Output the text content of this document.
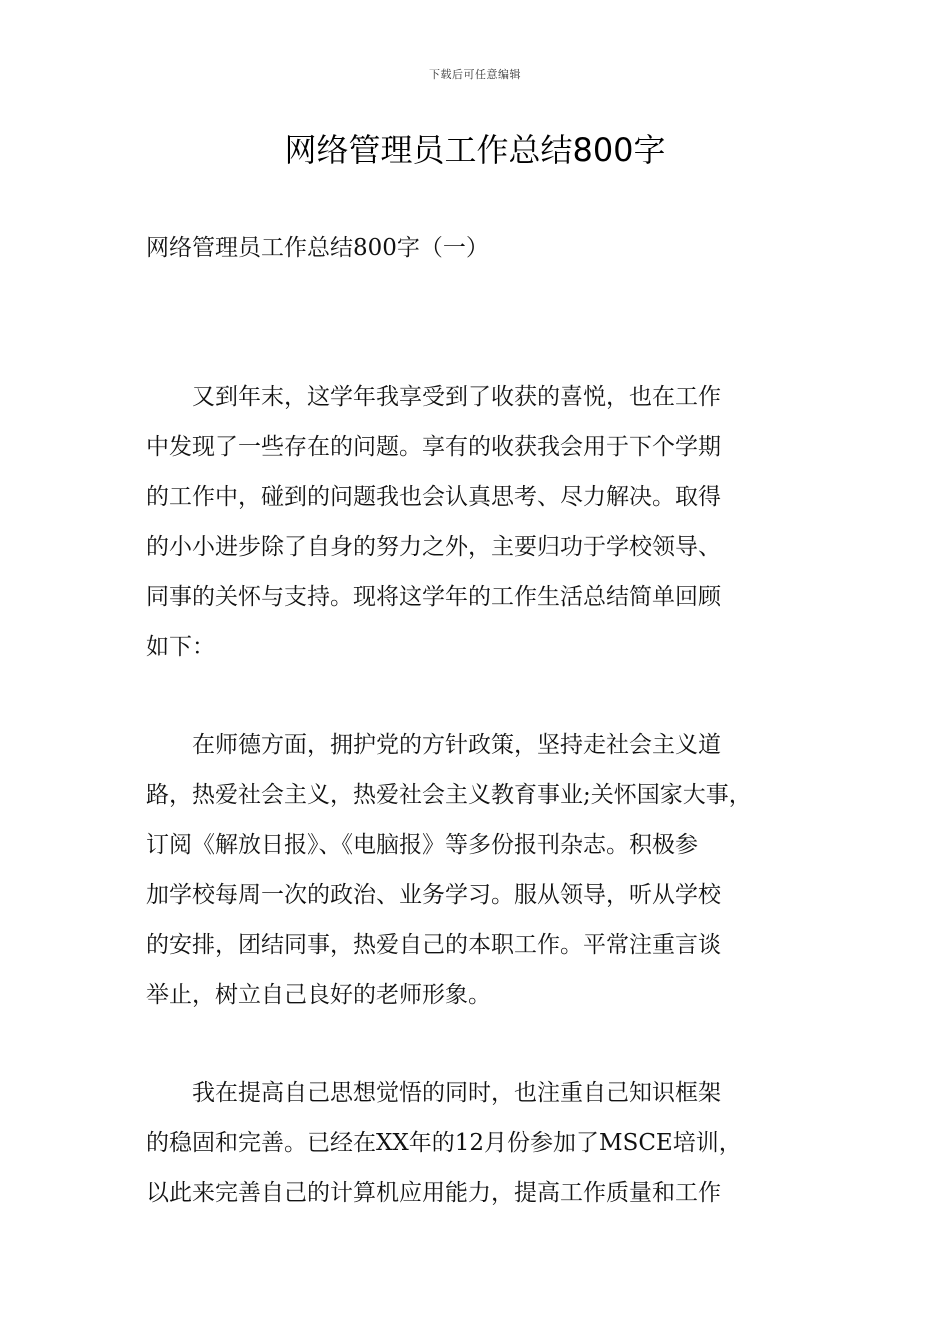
下载后可任意编辑
网络管理员工作总结800字
网络管理员工作总结800字（一）
　　又到年末，这学年我享受到了收获的喜悦，也在工作
中发现了一些存在的问题。享有的收获我会用于下个学期
的工作中，碰到的问题我也会认真思考、尽力解决。取得
的小小进步除了自身的努力之外，主要归功于学校领导、
同事的关怀与支持。现将这学年的工作生活总结简单回顾
如下：
　　在师德方面，拥护党的方针政策，坚持走社会主义道
路，热爱社会主义，热爱社会主义教育事业;关怀国家大事，
订阅《解放日报》、《电脑报》等多份报刊杂志。积极参
加学校每周一次的政治、业务学习。服从领导，听从学校
的安排，团结同事，热爱自己的本职工作。平常注重言谈
举止，树立自己良好的老师形象。
　　我在提高自己思想觉悟的同时，也注重自己知识框架
的稳固和完善。已经在XX年的12月份参加了MSCE培训，
以此来完善自己的计算机应用能力，提高工作质量和工作
